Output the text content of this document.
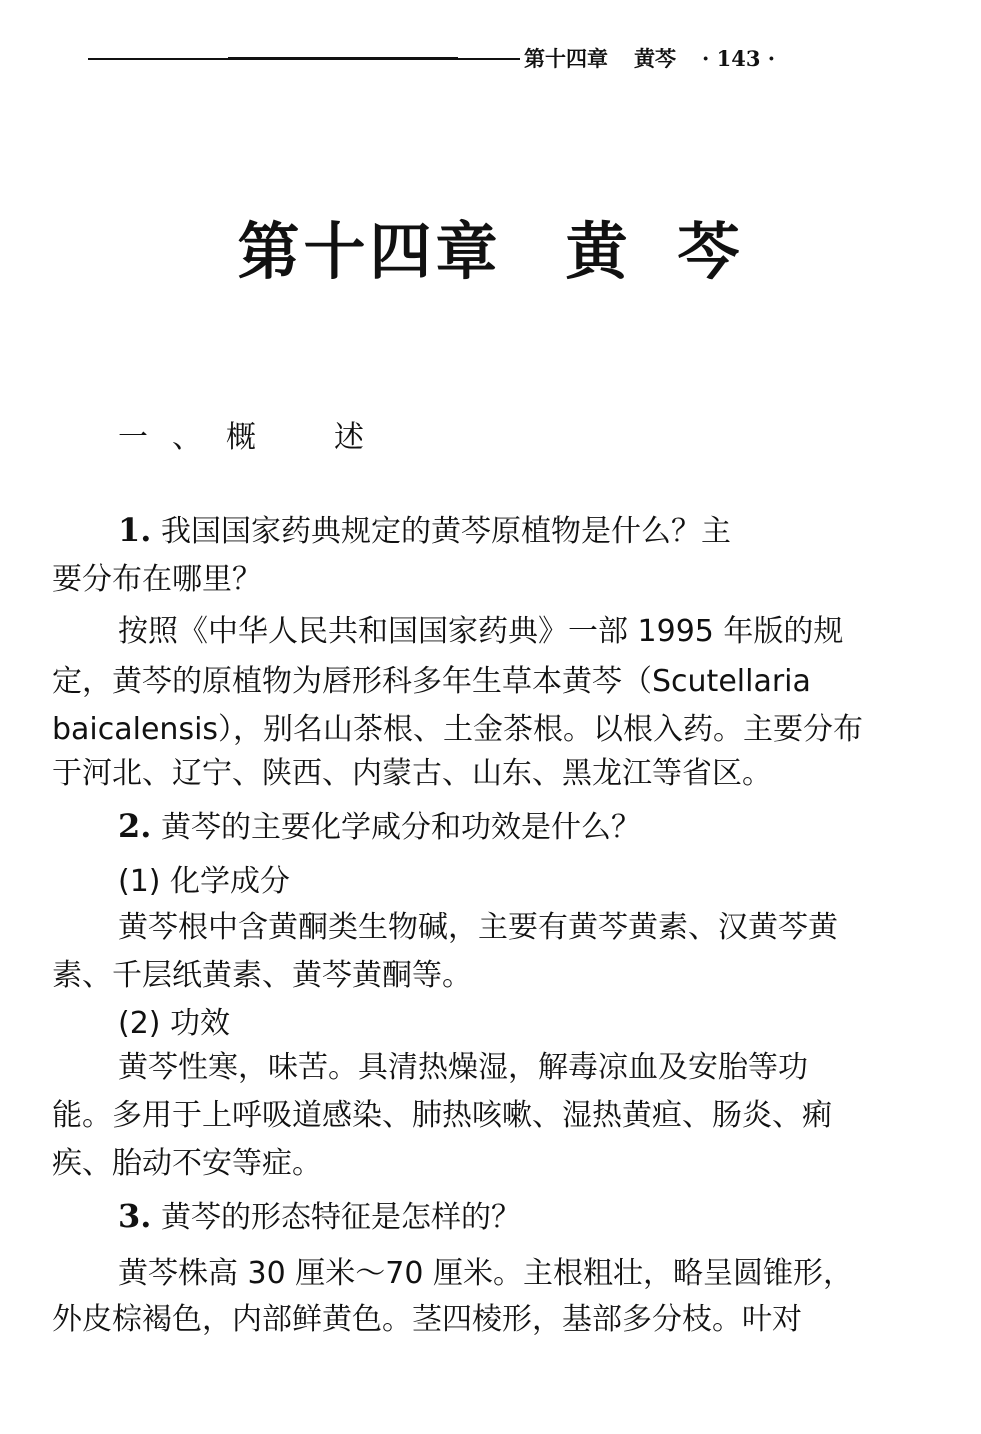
第十四章 黄芩 · 143 ·
第十四章 黄 芩

一、概　述

1. 我国国家药典规定的黄芩原植物是什么？主

要分布在哪里？

按照《中华人民共和国国家药典》一部 1995 年版的规

定，黄芩的原植物为唇形科多年生草本黄芩（Scutellaria

baicalensis），别名山茶根、土金茶根。以根入药。主要分布

于河北、辽宁、陕西、内蒙古、山东、黑龙江等省区。

2. 黄芩的主要化学咸分和功效是什么？

(1) 化学成分

黄芩根中含黄酮类生物碱，主要有黄芩黄素、汉黄芩黄

素、千层纸黄素、黄芩黄酮等。

(2) 功效

黄芩性寒，味苦。具清热燥湿，解毒凉血及安胎等功

能。多用于上呼吸道感染、肺热咳嗽、湿热黄疸、肠炎、痢

疾、胎动不安等症。

3. 黄芩的形态特征是怎样的？

黄芩株高 30 厘米～70 厘米。主根粗壮，略呈圆锥形，

外皮棕褐色，内部鲜黄色。茎四棱形，基部多分枝。叶对
